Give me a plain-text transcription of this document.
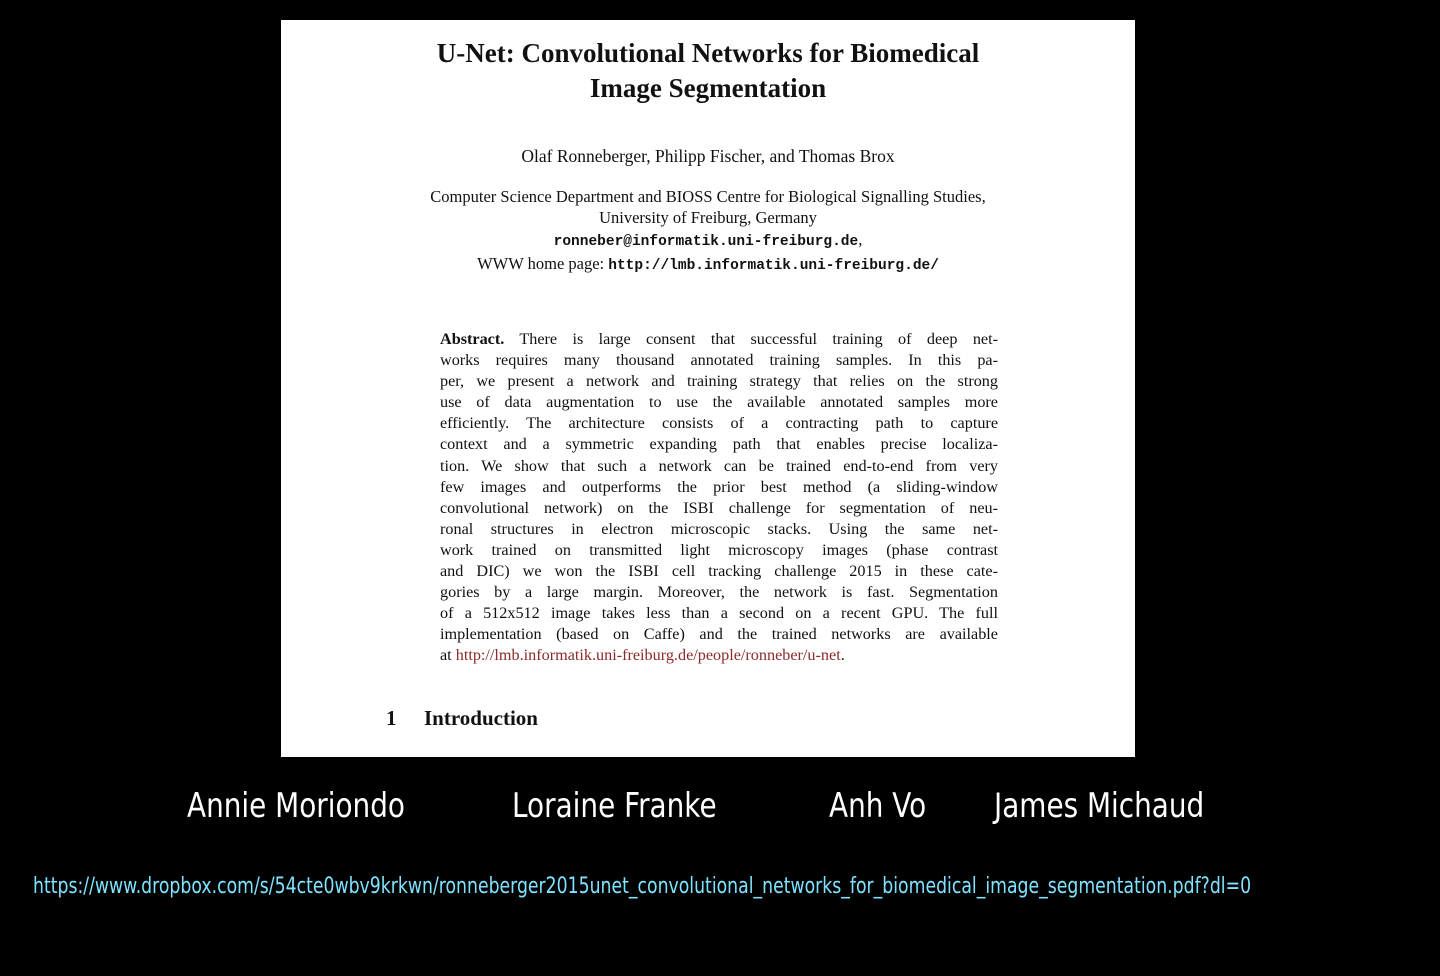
U-Net: Convolutional Networks for Biomedical
Image Segmentation
Olaf Ronneberger, Philipp Fischer, and Thomas Brox
Computer Science Department and BIOSS Centre for Biological Signalling Studies,
University of Freiburg, Germany
ronneber@informatik.uni-freiburg.de,
WWW home page: http://lmb.informatik.uni-freiburg.de/
Abstract. There is large consent that successful training of deep net-
works requires many thousand annotated training samples. In this pa-
per, we present a network and training strategy that relies on the strong
use of data augmentation to use the available annotated samples more
efficiently. The architecture consists of a contracting path to capture
context and a symmetric expanding path that enables precise localiza-
tion. We show that such a network can be trained end-to-end from very
few images and outperforms the prior best method (a sliding-window
convolutional network) on the ISBI challenge for segmentation of neu-
ronal structures in electron microscopic stacks. Using the same net-
work trained on transmitted light microscopy images (phase contrast
and DIC) we won the ISBI cell tracking challenge 2015 in these cate-
gories by a large margin. Moreover, the network is fast. Segmentation
of a 512x512 image takes less than a second on a recent GPU. The full
implementation (based on Caffe) and the trained networks are available
at http://lmb.informatik.uni-freiburg.de/people/ronneber/u-net.
1 Introduction
Annie Moriondo	Loraine Franke	Anh Vo James Michaud
https://www.dropbox.com/s/54cte0wbv9krkwn/ronneberger2015unet_convolutional_networks_for_biomedical_image_segmentation.pdf?dl=0
